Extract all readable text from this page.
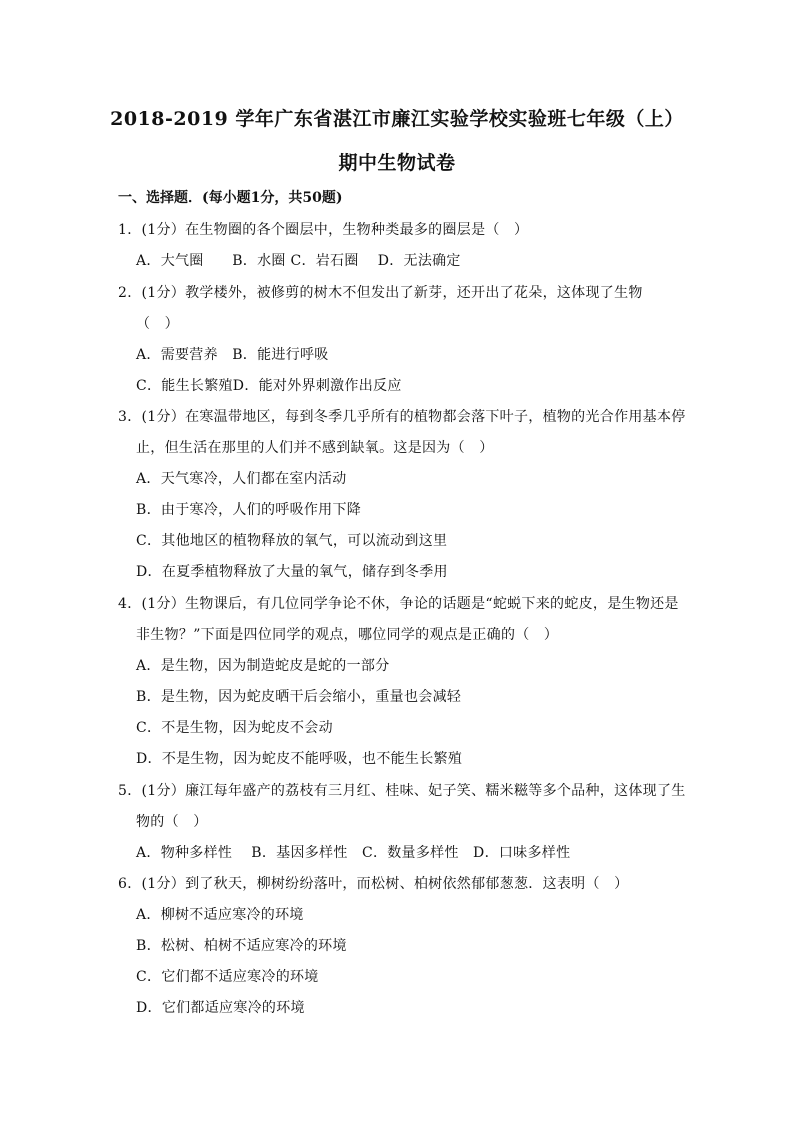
2018-2019 学年广东省湛江市廉江实验学校实验班七年级（上）
期中生物试卷
一、选择题．(每小题1分，共50题)
1．(1分）在生物圈的各个圈层中，生物种类最多的圈层是（　）
A．大气圈　　B．水圈 C．岩石圈　 D．无法确定
2．(1分）教学楼外，被修剪的树木不但发出了新芽，还开出了花朵，这体现了生物
（　）
A．需要营养　B．能进行呼吸
C．能生长繁殖D．能对外界刺激作出反应
3．(1分）在寒温带地区，每到冬季几乎所有的植物都会落下叶子，植物的光合作用基本停
止，但生活在那里的人们并不感到缺氧。这是因为（　）
A．天气寒冷，人们都在室内活动
B．由于寒冷，人们的呼吸作用下降
C．其他地区的植物释放的氧气，可以流动到这里
D．在夏季植物释放了大量的氧气，储存到冬季用
4．(1分）生物课后，有几位同学争论不休，争论的话题是“蛇蜕下来的蛇皮，是生物还是
非生物？”下面是四位同学的观点，哪位同学的观点是正确的（　）
A．是生物，因为制造蛇皮是蛇的一部分
B．是生物，因为蛇皮晒干后会缩小，重量也会减轻
C．不是生物，因为蛇皮不会动
D．不是生物，因为蛇皮不能呼吸，也不能生长繁殖
5．(1分）廉江每年盛产的荔枝有三月红、桂味、妃子笑、糯米糍等多个品种，这体现了生
物的（　）
A．物种多样性　 B．基因多样性　C．数量多样性　D．口味多样性
6．(1分）到了秋天，柳树纷纷落叶，而松树、柏树依然郁郁葱葱．这表明（　）
A．柳树不适应寒冷的环境
B．松树、柏树不适应寒冷的环境
C．它们都不适应寒冷的环境
D．它们都适应寒冷的环境
